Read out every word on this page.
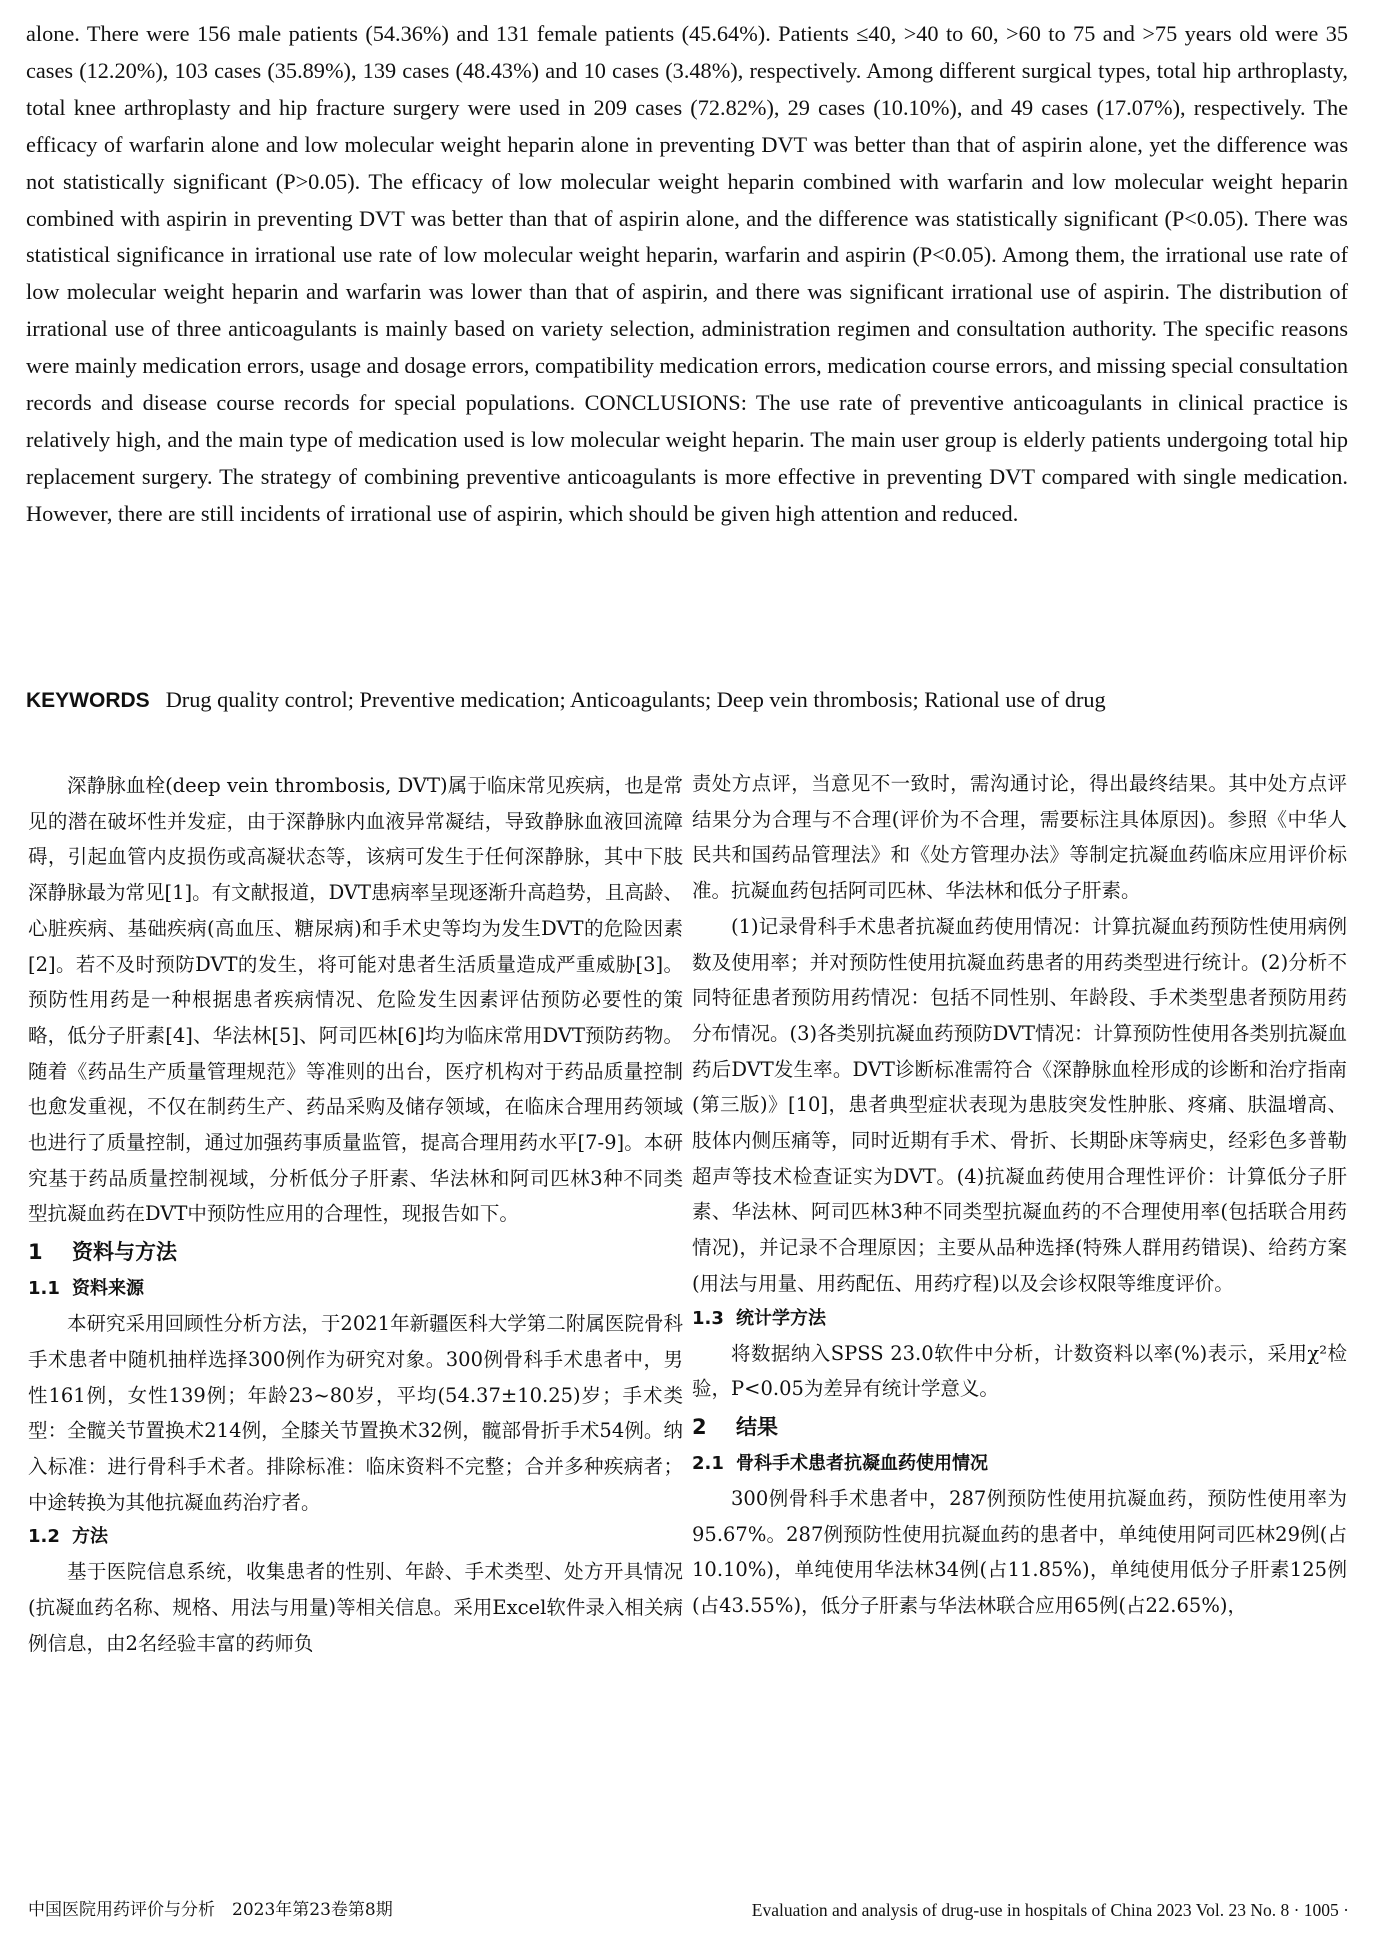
alone. There were 156 male patients (54.36%) and 131 female patients (45.64%). Patients ≤40, >40 to 60, >60 to 75 and >75 years old were 35 cases (12.20%), 103 cases (35.89%), 139 cases (48.43%) and 10 cases (3.48%), respectively. Among different surgical types, total hip arthroplasty, total knee arthroplasty and hip fracture surgery were used in 209 cases (72.82%), 29 cases (10.10%), and 49 cases (17.07%), respectively. The efficacy of warfarin alone and low molecular weight heparin alone in preventing DVT was better than that of aspirin alone, yet the difference was not statistically significant (P>0.05). The efficacy of low molecular weight heparin combined with warfarin and low molecular weight heparin combined with aspirin in preventing DVT was better than that of aspirin alone, and the difference was statistically significant (P<0.05). There was statistical significance in irrational use rate of low molecular weight heparin, warfarin and aspirin (P<0.05). Among them, the irrational use rate of low molecular weight heparin and warfarin was lower than that of aspirin, and there was significant irrational use of aspirin. The distribution of irrational use of three anticoagulants is mainly based on variety selection, administration regimen and consultation authority. The specific reasons were mainly medication errors, usage and dosage errors, compatibility medication errors, medication course errors, and missing special consultation records and disease course records for special populations. CONCLUSIONS: The use rate of preventive anticoagulants in clinical practice is relatively high, and the main type of medication used is low molecular weight heparin. The main user group is elderly patients undergoing total hip replacement surgery. The strategy of combining preventive anticoagulants is more effective in preventing DVT compared with single medication. However, there are still incidents of irrational use of aspirin, which should be given high attention and reduced.

KEYWORDS Drug quality control; Preventive medication; Anticoagulants; Deep vein thrombosis; Rational use of drug

深静脉血栓(deep vein thrombosis, DVT)属于临床常见疾病，也是常见的潜在破坏性并发症，由于深静脉内血液异常凝结，导致静脉血液回流障碍，引起血管内皮损伤或高凝状态等，该病可发生于任何深静脉，其中下肢深静脉最为常见[1]。有文献报道，DVT患病率呈现逐渐升高趋势，且高龄、心脏疾病、基础疾病(高血压、糖尿病)和手术史等均为发生DVT的危险因素[2]。若不及时预防DVT的发生，将可能对患者生活质量造成严重威胁[3]。预防性用药是一种根据患者疾病情况、危险发生因素评估预防必要性的策略，低分子肝素[4]、华法林[5]、阿司匹林[6]均为临床常用DVT预防药物。随着《药品生产质量管理规范》等准则的出台，医疗机构对于药品质量控制也愈发重视，不仅在制药生产、药品采购及储存领域，在临床合理用药领域也进行了质量控制，通过加强药事质量监管，提高合理用药水平[7-9]。本研究基于药品质量控制视域，分析低分子肝素、华法林和阿司匹林3种不同类型抗凝血药在DVT中预防性应用的合理性，现报告如下。

1 资料与方法
1.1 资料来源

本研究采用回顾性分析方法，于2021年新疆医科大学第二附属医院骨科手术患者中随机抽样选择300例作为研究对象。300例骨科手术患者中，男性161例，女性139例；年龄23~80岁，平均(54.37±10.25)岁；手术类型：全髋关节置换术214例，全膝关节置换术32例，髋部骨折手术54例。纳入标准：进行骨科手术者。排除标准：临床资料不完整；合并多种疾病者；中途转换为其他抗凝血药治疗者。

1.2 方法

基于医院信息系统，收集患者的性别、年龄、手术类型、处方开具情况(抗凝血药名称、规格、用法与用量)等相关信息。采用Excel软件录入相关病例信息，由2名经验丰富的药师负

责处方点评，当意见不一致时，需沟通讨论，得出最终结果。其中处方点评结果分为合理与不合理(评价为不合理，需要标注具体原因)。参照《中华人民共和国药品管理法》和《处方管理办法》等制定抗凝血药临床应用评价标准。抗凝血药包括阿司匹林、华法林和低分子肝素。

(1)记录骨科手术患者抗凝血药使用情况：计算抗凝血药预防性使用病例数及使用率；并对预防性使用抗凝血药患者的用药类型进行统计。(2)分析不同特征患者预防用药情况：包括不同性别、年龄段、手术类型患者预防用药分布情况。(3)各类别抗凝血药预防DVT情况：计算预防性使用各类别抗凝血药后DVT发生率。DVT诊断标准需符合《深静脉血栓形成的诊断和治疗指南(第三版)》[10]，患者典型症状表现为患肢突发性肿胀、疼痛、肤温增高、肢体内侧压痛等，同时近期有手术、骨折、长期卧床等病史，经彩色多普勒超声等技术检查证实为DVT。(4)抗凝血药使用合理性评价：计算低分子肝素、华法林、阿司匹林3种不同类型抗凝血药的不合理使用率(包括联合用药情况)，并记录不合理原因；主要从品种选择(特殊人群用药错误)、给药方案(用法与用量、用药配伍、用药疗程)以及会诊权限等维度评价。

1.3 统计学方法

将数据纳入SPSS 23.0软件中分析，计数资料以率(%)表示，采用χ²检验，P<0.05为差异有统计学意义。

2 结果
2.1 骨科手术患者抗凝血药使用情况

300例骨科手术患者中，287例预防性使用抗凝血药，预防性使用率为95.67%。287例预防性使用抗凝血药的患者中，单纯使用阿司匹林29例(占10.10%)，单纯使用华法林34例(占11.85%)，单纯使用低分子肝素125例(占43.55%)，低分子肝素与华法林联合应用65例(占22.65%)，

中国医院用药评价与分析　2023年第23卷第8期	Evaluation and analysis of drug-use in hospitals of China 2023 Vol. 23 No. 8 · 1005 ·
